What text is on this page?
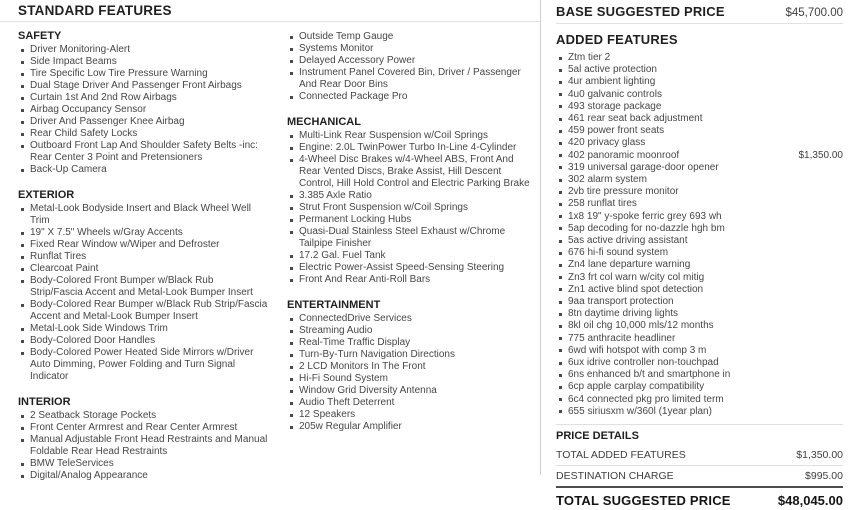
STANDARD FEATURES
SAFETY
Driver Monitoring-Alert
Side Impact Beams
Tire Specific Low Tire Pressure Warning
Dual Stage Driver And Passenger Front Airbags
Curtain 1st And 2nd Row Airbags
Airbag Occupancy Sensor
Driver And Passenger Knee Airbag
Rear Child Safety Locks
Outboard Front Lap And Shoulder Safety Belts -inc: Rear Center 3 Point and Pretensioners
Back-Up Camera
EXTERIOR
Metal-Look Bodyside Insert and Black Wheel Well Trim
19" X 7.5" Wheels w/Gray Accents
Fixed Rear Window w/Wiper and Defroster
Runflat Tires
Clearcoat Paint
Body-Colored Front Bumper w/Black Rub Strip/Fascia Accent and Metal-Look Bumper Insert
Body-Colored Rear Bumper w/Black Rub Strip/Fascia Accent and Metal-Look Bumper Insert
Metal-Look Side Windows Trim
Body-Colored Door Handles
Body-Colored Power Heated Side Mirrors w/Driver Auto Dimming, Power Folding and Turn Signal Indicator
INTERIOR
2 Seatback Storage Pockets
Front Center Armrest and Rear Center Armrest
Manual Adjustable Front Head Restraints and Manual Foldable Rear Head Restraints
BMW TeleServices
Digital/Analog Appearance
Outside Temp Gauge
Systems Monitor
Delayed Accessory Power
Instrument Panel Covered Bin, Driver / Passenger And Rear Door Bins
Connected Package Pro
MECHANICAL
Multi-Link Rear Suspension w/Coil Springs
Engine: 2.0L TwinPower Turbo In-Line 4-Cylinder
4-Wheel Disc Brakes w/4-Wheel ABS, Front And Rear Vented Discs, Brake Assist, Hill Descent Control, Hill Hold Control and Electric Parking Brake
3.385 Axle Ratio
Strut Front Suspension w/Coil Springs
Permanent Locking Hubs
Quasi-Dual Stainless Steel Exhaust w/Chrome Tailpipe Finisher
17.2 Gal. Fuel Tank
Electric Power-Assist Speed-Sensing Steering
Front And Rear Anti-Roll Bars
ENTERTAINMENT
ConnectedDrive Services
Streaming Audio
Real-Time Traffic Display
Turn-By-Turn Navigation Directions
2 LCD Monitors In The Front
Hi-Fi Sound System
Window Grid Diversity Antenna
Audio Theft Deterrent
12 Speakers
205w Regular Amplifier
BASE SUGGESTED PRICE	$45,700.00
ADDED FEATURES
Ztm tier 2
5al active protection
4ur ambient lighting
4u0 galvanic controls
493 storage package
461 rear seat back adjustment
459 power front seats
420 privacy glass
402 panoramic moonroof	$1,350.00
319 universal garage-door opener
302 alarm system
2vb tire pressure monitor
258 runflat tires
1x8 19" y-spoke ferric grey 693 wh
5ap decoding for no-dazzle hgh bm
5as active driving assistant
676 hi-fi sound system
Zn4 lane departure warning
Zn3 frt col warn w/city col mitig
Zn1 active blind spot detection
9aa transport protection
8tn daytime driving lights
8kl oil chg 10,000 mls/12 months
775 anthracite headliner
6wd wifi hotspot with comp 3 m
6ux idrive controller non-touchpad
6ns enhanced b/t and smartphone in
6cp apple carplay compatibility
6c4 connected pkg pro limited term
655 siriusxm w/360l (1year plan)
PRICE DETAILS
TOTAL ADDED FEATURES	$1,350.00
DESTINATION CHARGE	$995.00
TOTAL SUGGESTED PRICE	$48,045.00
